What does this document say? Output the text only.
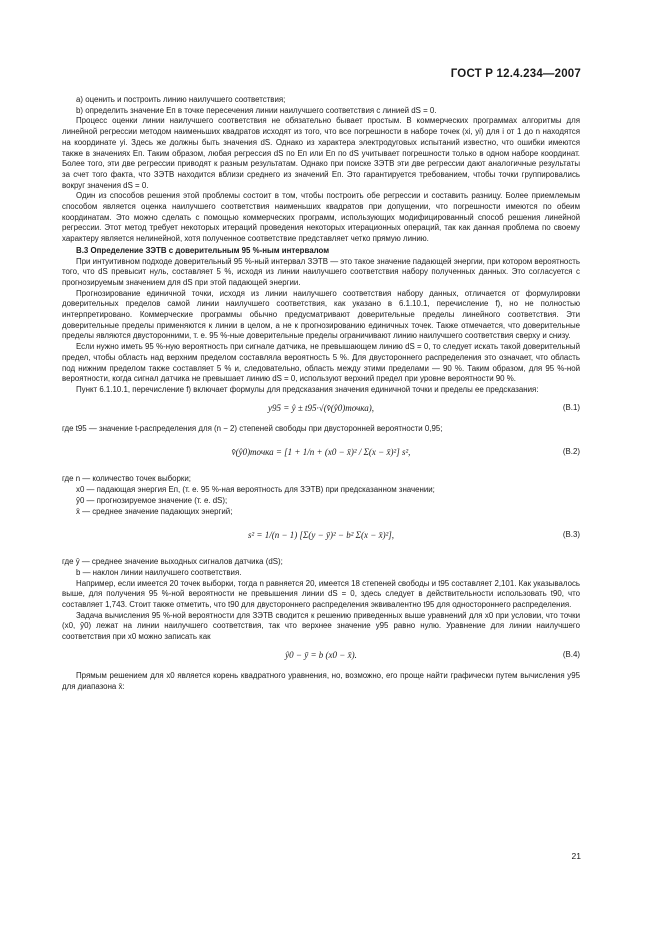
ГОСТ Р 12.4.234—2007

a) оценить и построить линию наилучшего соответствия;

b) определить значение Eп в точке пересечения линии наилучшего соответствия с линией dS = 0.

Процесс оценки линии наилучшего соответствия не обязательно бывает простым. В коммерческих программах алгоритмы для линейной регрессии методом наименьших квадратов исходят из того, что все погрешности в наборе точек (xi, yi) для i от 1 до n находятся на координате yi. Здесь же должны быть значения dS. Однако из характера электродуговых испытаний известно, что ошибки имеются также в значениях Eп. Таким образом, любая регрессия dS по Eп или Eп по dS учитывает погрешности только в одном наборе координат. Более того, эти две регрессии приводят к разным результатам. Однако при поиске ЗЭТВ эти две регрессии дают аналогичные результаты за счет того факта, что ЗЭТВ находится вблизи среднего из значений Eп. Это гарантируется требованием, чтобы точки группировались вокруг значения dS = 0.

Один из способов решения этой проблемы состоит в том, чтобы построить обе регрессии и составить разницу. Более приемлемым способом является оценка наилучшего соответствия наименьших квадратов при допущении, что погрешности имеются по обеим координатам. Это можно сделать с помощью коммерческих программ, использующих модифицированный способ решения линейной регрессии. Этот метод требует некоторых итераций проведения некоторых итерационных операций, так как данная проблема по своему характеру является нелинейной, хотя полученное соответствие представляет четко прямую линию.

B.3 Определение ЗЭТВ с доверительным 95 %-ным интервалом

При интуитивном подходе доверительный 95 %-ный интервал ЗЭТВ — это такое значение падающей энергии, при котором вероятность того, что dS превысит нуль, составляет 5 %, исходя из линии наилучшего соответствия набору полученных данных. Это согласуется с прогнозируемым значением для dS при этой падающей энергии.

Прогнозирование единичной точки, исходя из линии наилучшего соответствия набору данных, отличается от формулировки доверительных пределов самой линии наилучшего соответствия, как указано в 6.1.10.1, перечисление f), но не полностью интерпретировано. Коммерческие программы обычно предусматривают доверительные пределы линейного соответствия. Эти доверительные пределы применяются к линии в целом, а не к прогнозированию единичных точек. Также отмечается, что доверительные пределы являются двусторонними, т. е. 95 %-ные доверительные пределы ограничивают линию наилучшего соответствия сверху и снизу.

Если нужно иметь 95 %-ную вероятность при сигнале датчика, не превышающем линию dS = 0, то следует искать такой доверительный предел, чтобы область над верхним пределом составляла вероятность 5 %. Для двустороннего распределения это означает, что область под нижним пределом также составляет 5 % и, следовательно, область между этими пределами — 90 %. Таким образом, для 95 %-ной вероятности, когда сигнал датчика не превышает линию dS = 0, используют верхний предел при уровне вероятности 90 %.

Пункт 6.1.10.1, перечисление f) включает формулы для предсказания значения единичной точки и пределы ее предсказания:

y95 = ŷ ± t95·√(v̂(ŷ0)точка),	(B.1)

где t95 — значение t-распределения для (n − 2) степеней свободы при двусторонней вероятности 0,95;

v̂(ŷ0)точка = [1 + 1/n + (x0 − x̄)² / Σ(x − x̄)²] s²,	(B.2)

где n — количество точек выборки;

x0 — падающая энергия Eп, (т. е. 95 %-ная вероятность для ЗЭТВ) при предсказанном значении;

ŷ0 — прогнозируемое значение (т. е. dS);

x̄ — среднее значение падающих энергий;

s² = 1/(n − 1) [Σ(y − ȳ)² − b² Σ(x − x̄)²],	(B.3)

где ȳ — среднее значение выходных сигналов датчика (dS);

b — наклон линии наилучшего соответствия.

Например, если имеется 20 точек выборки, тогда n равняется 20, имеется 18 степеней свободы и t95 составляет 2,101. Как указывалось выше, для получения 95 %-ной вероятности не превышения линии dS = 0, здесь следует в действительности использовать t90, что составляет 1,743. Стоит также отметить, что t90 для двустороннего распределения эквивалентно t95 для одностороннего распределения.

Задача вычисления 95 %-ной вероятности для ЗЭТВ сводится к решению приведенных выше уравнений для x0 при условии, что точки (x0, ŷ0) лежат на линии наилучшего соответствия, так что верхнее значение y95 равно нулю. Уравнение для линии наилучшего соответствия при x0 можно записать как

ŷ0 − ȳ = b (x0 − x̄).	(B.4)

Прямым решением для x0 является корень квадратного уравнения, но, возможно, его проще найти графически путем вычисления y95 для диапазона x̄:

21
